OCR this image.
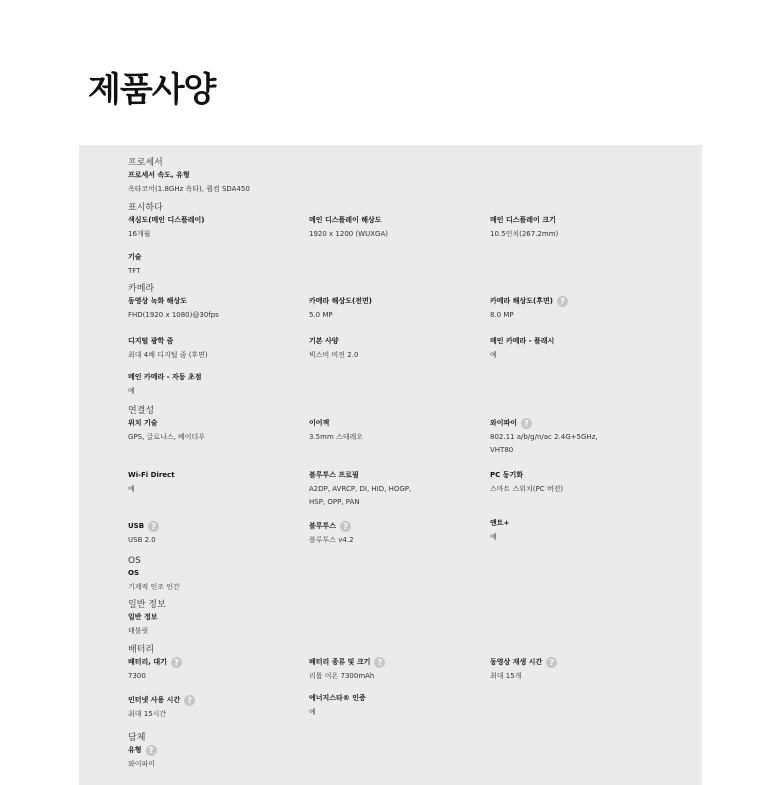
제품사양
프로세서
프로세서 속도, 유형
옥타코어(1.8GHz 옥타), 퀄컴 SDA450
표시하다
색심도(메인 디스플레이)
16개월
메인 디스플레이 해상도
1920 x 1200 (WUXGA)
메인 디스플레이 크기
10.5인치(267.2mm)
기술
TFT
카메라
동영상 녹화 해상도
FHD(1920 x 1080)@30fps
카메라 해상도(전면)
5.0 MP
카메라 해상도(후면) ?
8.0 MP
디지털 광학 줌
최대 4배 디지털 줌 (후면)
기본 사양
빅스비 비전 2.0
메인 카메라 - 플래시
예
메인 카메라 - 자동 초점
예
연결성
위치 기술
GPS, 글로나스, 베이더우
이어잭
3.5mm 스테레오
와이파이 ?
802.11 a/b/g/n/ac 2.4G+5GHz, VHT80
Wi-Fi Direct
예
블루투스 프로필
A2DP, AVRCP, DI, HID, HOGP, HSP, OPP, PAN
PC 동기화
스마트 스위치(PC 버전)
USB ?
USB 2.0
블루투스 ?
블루투스 v4.2
앤트+
예
OS
OS
기계적 인조 인간
일반 정보
일반 정보
태블릿
배터리
배터리, 대기 ?
7300
배터리 종류 및 크기 ?
리튬 이온 7300mAh
동영상 재생 시간 ?
최대 15개
인터넷 사용 시간 ?
최대 15시간
에너지스타® 인증
예
담체
유형 ?
와이파이
